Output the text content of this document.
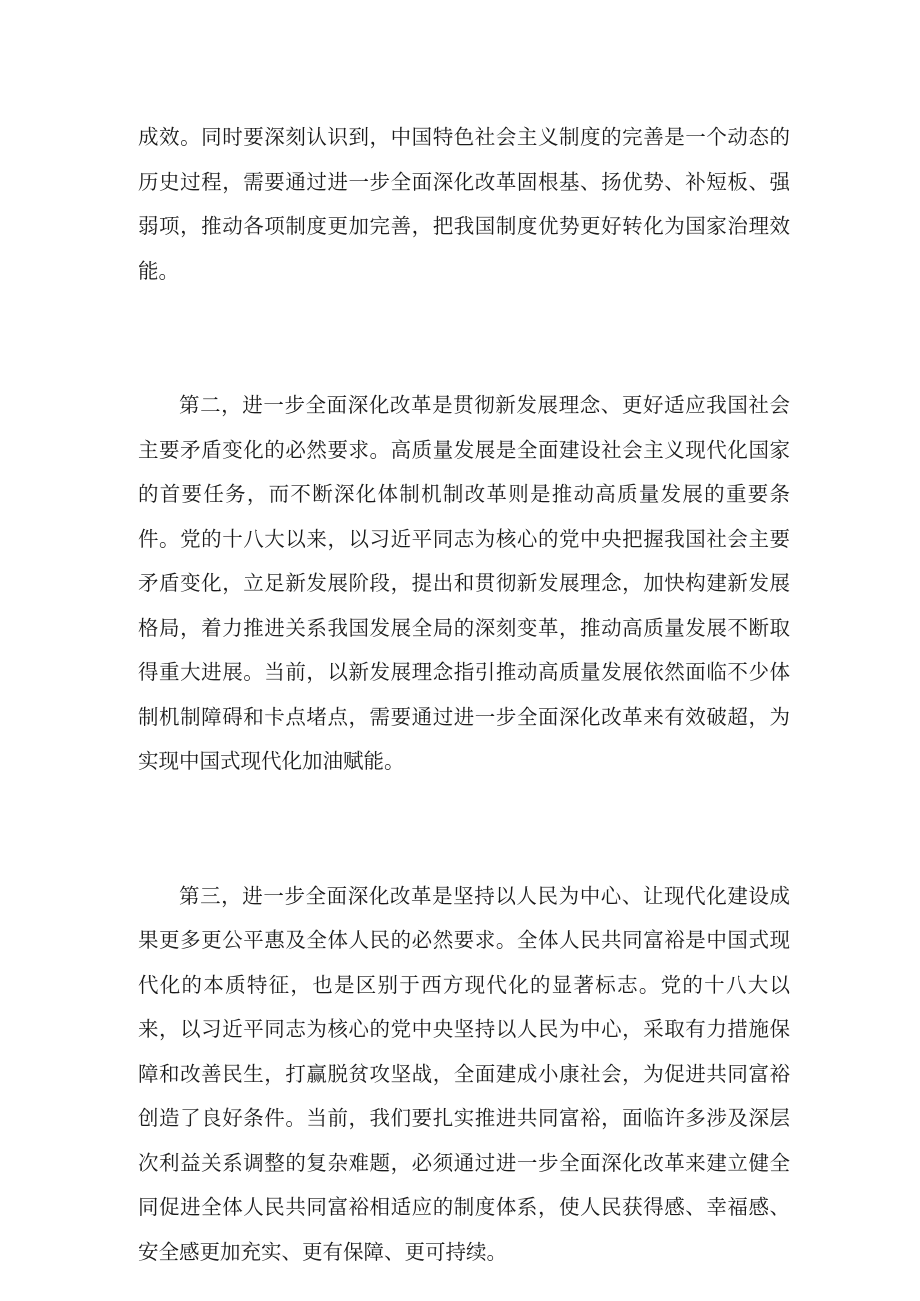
成效。同时要深刻认识到，中国特色社会主义制度的完善是一个动态的历史过程，需要通过进一步全面深化改革固根基、扬优势、补短板、强弱项，推动各项制度更加完善，把我国制度优势更好转化为国家治理效能。

第二，进一步全面深化改革是贯彻新发展理念、更好适应我国社会主要矛盾变化的必然要求。高质量发展是全面建设社会主义现代化国家的首要任务，而不断深化体制机制改革则是推动高质量发展的重要条件。党的十八大以来，以习近平同志为核心的党中央把握我国社会主要矛盾变化，立足新发展阶段，提出和贯彻新发展理念，加快构建新发展格局，着力推进关系我国发展全局的深刻变革，推动高质量发展不断取得重大进展。当前，以新发展理念指引推动高质量发展依然面临不少体制机制障碍和卡点堵点，需要通过进一步全面深化改革来有效破超，为实现中国式现代化加油赋能。

第三，进一步全面深化改革是坚持以人民为中心、让现代化建设成果更多更公平惠及全体人民的必然要求。全体人民共同富裕是中国式现代化的本质特征，也是区别于西方现代化的显著标志。党的十八大以来，以习近平同志为核心的党中央坚持以人民为中心，采取有力措施保障和改善民生，打赢脱贫攻坚战，全面建成小康社会，为促进共同富裕创造了良好条件。当前，我们要扎实推进共同富裕，面临许多涉及深层次利益关系调整的复杂难题，必须通过进一步全面深化改革来建立健全同促进全体人民共同富裕相适应的制度体系，使人民获得感、幸福感、安全感更加充实、更有保障、更可持续。
